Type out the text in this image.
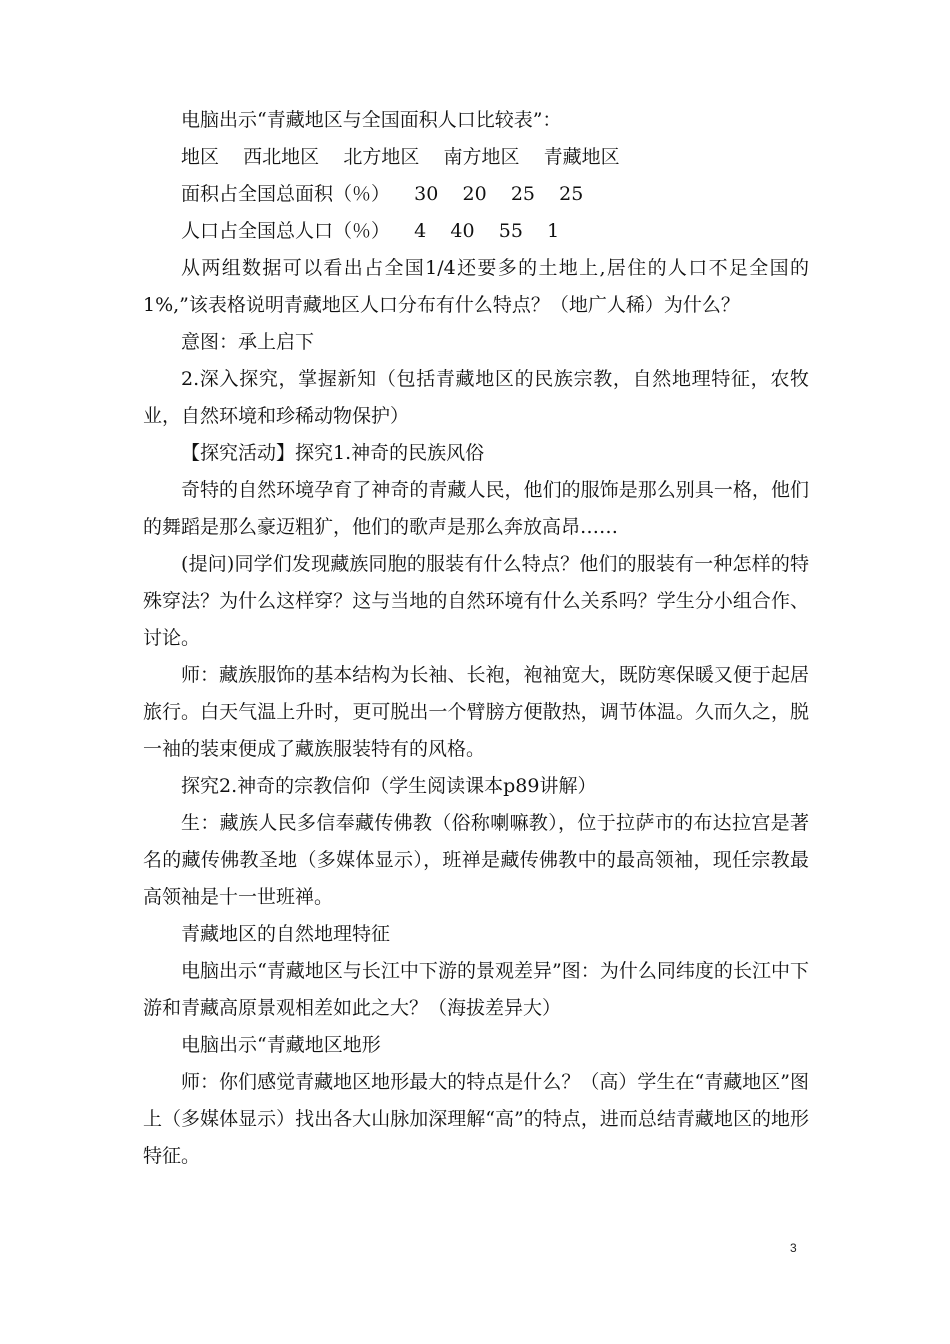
电脑出示“青藏地区与全国面积人口比较表”：

地区    西北地区    北方地区    南方地区    青藏地区

面积占全国总面积（％）    30    20    25    25

人口占全国总人口（％）    4    40    55    1

从两组数据可以看出占全国1/4还要多的土地上,居住的人口不足全国的1%,”该表格说明青藏地区人口分布有什么特点？（地广人稀）为什么？

意图：承上启下

2.深入探究，掌握新知（包括青藏地区的民族宗教，自然地理特征，农牧业，自然环境和珍稀动物保护）

【探究活动】探究1.神奇的民族风俗

奇特的自然环境孕育了神奇的青藏人民，他们的服饰是那么别具一格，他们的舞蹈是那么豪迈粗犷，他们的歌声是那么奔放高昂……

(提问)同学们发现藏族同胞的服装有什么特点？他们的服装有一种怎样的特殊穿法？为什么这样穿？这与当地的自然环境有什么关系吗？学生分小组合作、讨论。

师：藏族服饰的基本结构为长袖、长袍，袍袖宽大，既防寒保暖又便于起居旅行。白天气温上升时，更可脱出一个臂膀方便散热，调节体温。久而久之，脱一袖的装束便成了藏族服装特有的风格。

探究2.神奇的宗教信仰（学生阅读课本p89讲解）

生：藏族人民多信奉藏传佛教（俗称喇嘛教），位于拉萨市的布达拉宫是著名的藏传佛教圣地（多媒体显示），班禅是藏传佛教中的最高领袖，现任宗教最高领袖是十一世班禅。

青藏地区的自然地理特征

电脑出示“青藏地区与长江中下游的景观差异”图：为什么同纬度的长江中下游和青藏高原景观相差如此之大？（海拔差异大）

电脑出示“青藏地区地形

师：你们感觉青藏地区地形最大的特点是什么？（高）学生在“青藏地区”图上（多媒体显示）找出各大山脉加深理解“高”的特点，进而总结青藏地区的地形特征。

3
